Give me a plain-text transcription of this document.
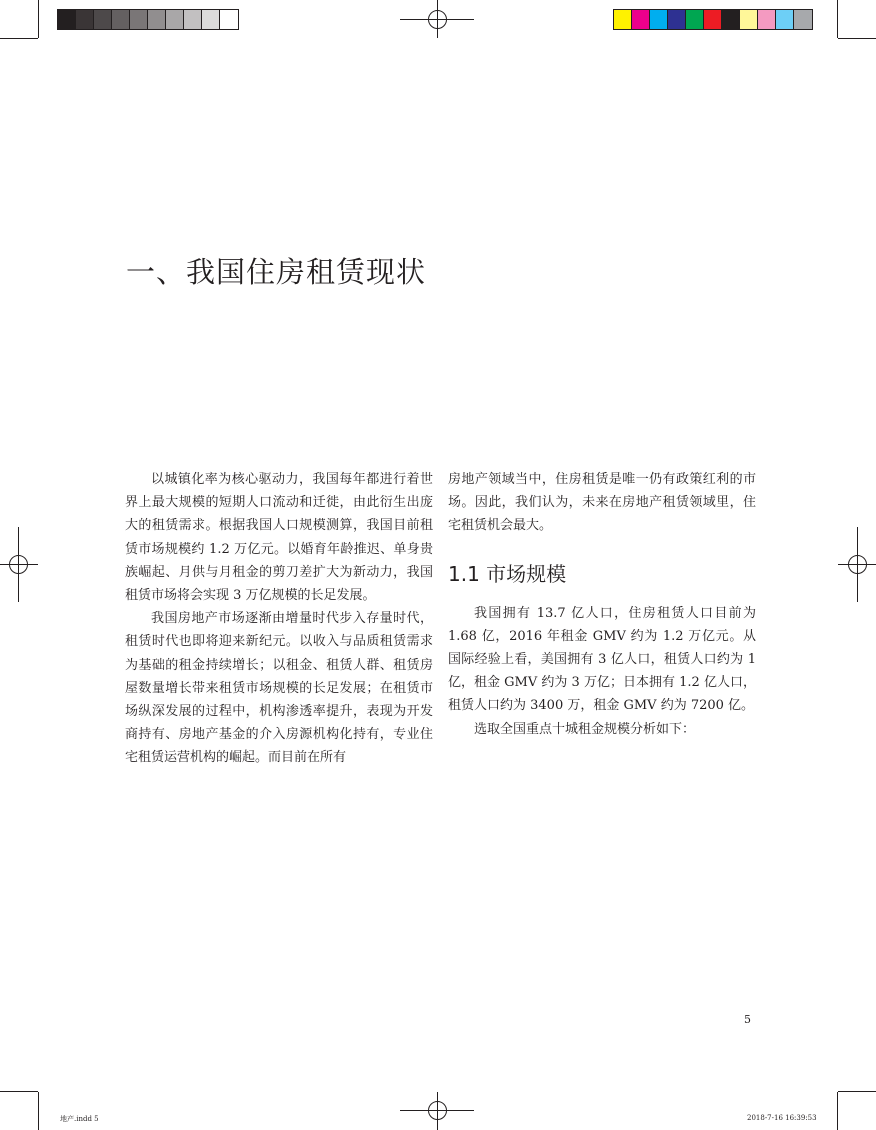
一、我国住房租赁现状

以城镇化率为核心驱动力，我国每年都进行着世界上最大规模的短期人口流动和迁徙，由此衍生出庞大的租赁需求。根据我国人口规模测算，我国目前租赁市场规模约 1.2 万亿元。以婚育年龄推迟、单身贵族崛起、月供与月租金的剪刀差扩大为新动力，我国租赁市场将会实现 3 万亿规模的长足发展。

我国房地产市场逐渐由增量时代步入存量时代，租赁时代也即将迎来新纪元。以收入与品质租赁需求为基础的租金持续增长；以租金、租赁人群、租赁房屋数量增长带来租赁市场规模的长足发展；在租赁市场纵深发展的过程中，机构渗透率提升，表现为开发商持有、房地产基金的介入房源机构化持有，专业住宅租赁运营机构的崛起。而目前在所有

房地产领域当中，住房租赁是唯一仍有政策红利的市场。因此，我们认为，未来在房地产租赁领域里，住宅租赁机会最大。

1.1 市场规模

我国拥有 13.7 亿人口，住房租赁人口目前为 1.68 亿，2016 年租金 GMV 约为 1.2 万亿元。从国际经验上看，美国拥有 3 亿人口，租赁人口约为 1 亿，租金 GMV 约为 3 万亿；日本拥有 1.2 亿人口，租赁人口约为 3400 万，租金 GMV 约为 7200 亿。

选取全国重点十城租金规模分析如下：

5
地产.indd 5	2018-7-16 16:39:53
